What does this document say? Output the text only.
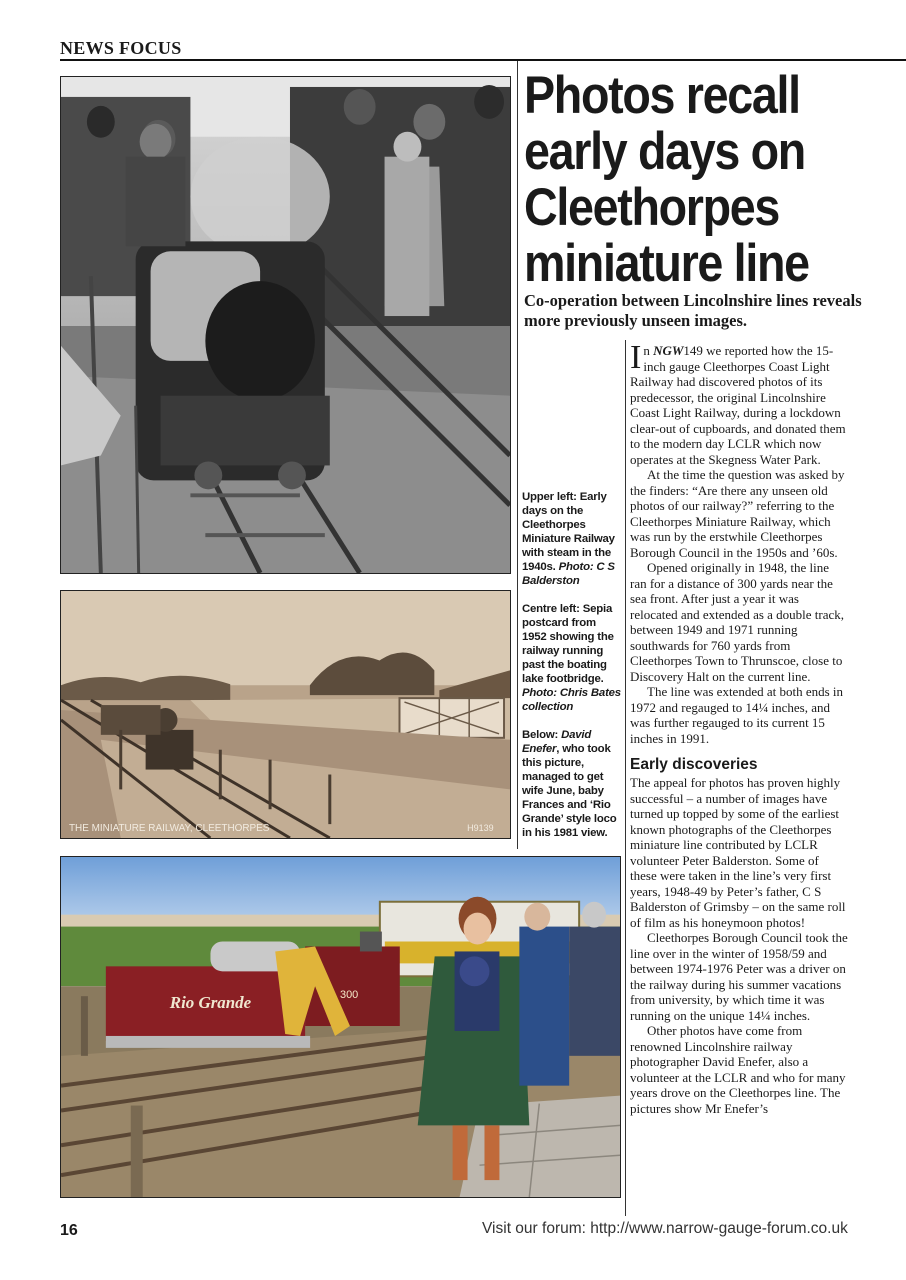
NEWS FOCUS
THE MINIATURE RAILWAY, CLEETHORPES	H9139
Rio Grande	300
Photos recall early days on Cleethorpes miniature line
Co-operation between Lincolnshire lines reveals more previously unseen images.

Upper left: Early days on the Cleethorpes Miniature Railway with steam in the 1940s. Photo: C S Balderston

Centre left: Sepia postcard from 1952 showing the railway running past the boating lake footbridge. Photo: Chris Bates collection

Below: David Enefer, who took this picture, managed to get wife June, baby Frances and ‘Rio Grande’ style loco in his 1981 view.

In NGW149 we reported how the 15-inch gauge Cleethorpes Coast Light Railway had discovered photos of its predecessor, the original Lincolnshire Coast Light Railway, during a lockdown clear-out of cupboards, and donated them to the modern day LCLR which now operates at the Skegness Water Park.

At the time the question was asked by the finders: “Are there any unseen old photos of our railway?” referring to the Cleethorpes Miniature Railway, which was run by the erstwhile Cleethorpes Borough Council in the 1950s and ’60s.

Opened originally in 1948, the line ran for a distance of 300 yards near the sea front. After just a year it was relocated and extended as a double track, between 1949 and 1971 running southwards for 760 yards from Cleethorpes Town to Thrunscoe, close to Discovery Halt on the current line.

The line was extended at both ends in 1972 and regauged to 14¼ inches, and was further regauged to its current 15 inches in 1991.

Early discoveries

The appeal for photos has proven highly successful – a number of images have turned up topped by some of the earliest known photographs of the Cleethorpes miniature line contributed by LCLR volunteer Peter Balderston. Some of these were taken in the line’s very first years, 1948-49 by Peter’s father, C S Balderston of Grimsby – on the same roll of film as his honeymoon photos!

Cleethorpes Borough Council took the line over in the winter of 1958/59 and between 1974-1976 Peter was a driver on the railway during his summer vacations from university, by which time it was running on the unique 14¼ inches.

Other photos have come from renowned Lincolnshire railway photographer David Enefer, also a volunteer at the LCLR and who for many years drove on the Cleethorpes line. The pictures show Mr Enefer’s

16	Visit our forum: http://www.narrow-gauge-forum.co.uk
